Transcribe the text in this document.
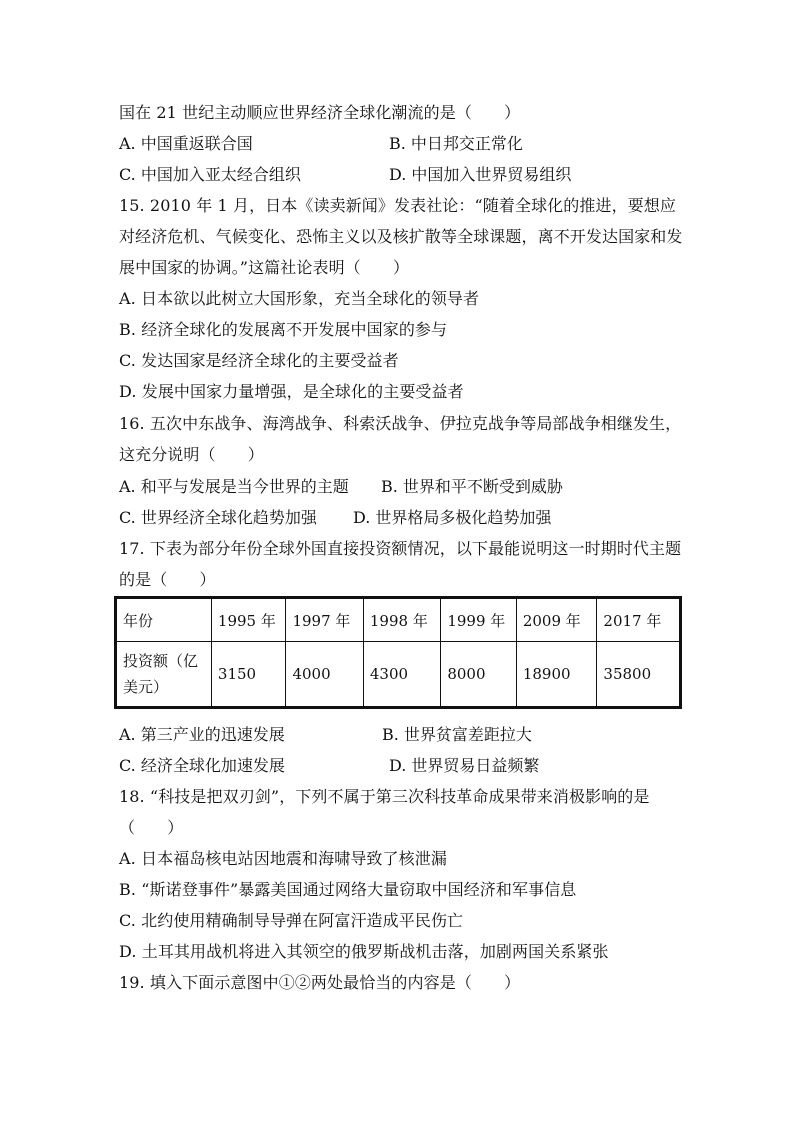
国在 21 世纪主动顺应世界经济全球化潮流的是（　　）
A. 中国重返联合国	B. 中日邦交正常化
C. 中国加入亚太经合组织	D. 中国加入世界贸易组织
15. 2010 年 1 月，日本《读卖新闻》发表社论：“随着全球化的推进，要想应
对经济危机、气候变化、恐怖主义以及核扩散等全球课题，离不开发达国家和发
展中国家的协调。”这篇社论表明（　　）
A. 日本欲以此树立大国形象，充当全球化的领导者
B. 经济全球化的发展离不开发展中国家的参与
C. 发达国家是经济全球化的主要受益者
D. 发展中国家力量增强，是全球化的主要受益者
16. 五次中东战争、海湾战争、科索沃战争、伊拉克战争等局部战争相继发生，
这充分说明（　　）
A. 和平与发展是当今世界的主题 B. 世界和平不断受到威胁
C. 世界经济全球化趋势加强 D. 世界格局多极化趋势加强
17. 下表为部分年份全球外国直接投资额情况，以下最能说明这一时期时代主题
的是（　　）
年份	1995 年	1997 年	1998 年	1999 年	2009 年	2017 年
投资额（亿美元）	3150	4000	4300	8000	18900	35800
A. 第三产业的迅速发展	B. 世界贫富差距拉大
C. 经济全球化加速发展	D. 世界贸易日益频繁
18. “科技是把双刃剑”，下列不属于第三次科技革命成果带来消极影响的是
（　　）
A. 日本福岛核电站因地震和海啸导致了核泄漏
B. “斯诺登事件”暴露美国通过网络大量窃取中国经济和军事信息
C. 北约使用精确制导导弹在阿富汗造成平民伤亡
D. 土耳其用战机将进入其领空的俄罗斯战机击落，加剧两国关系紧张
19. 填入下面示意图中①②两处最恰当的内容是（　　）
